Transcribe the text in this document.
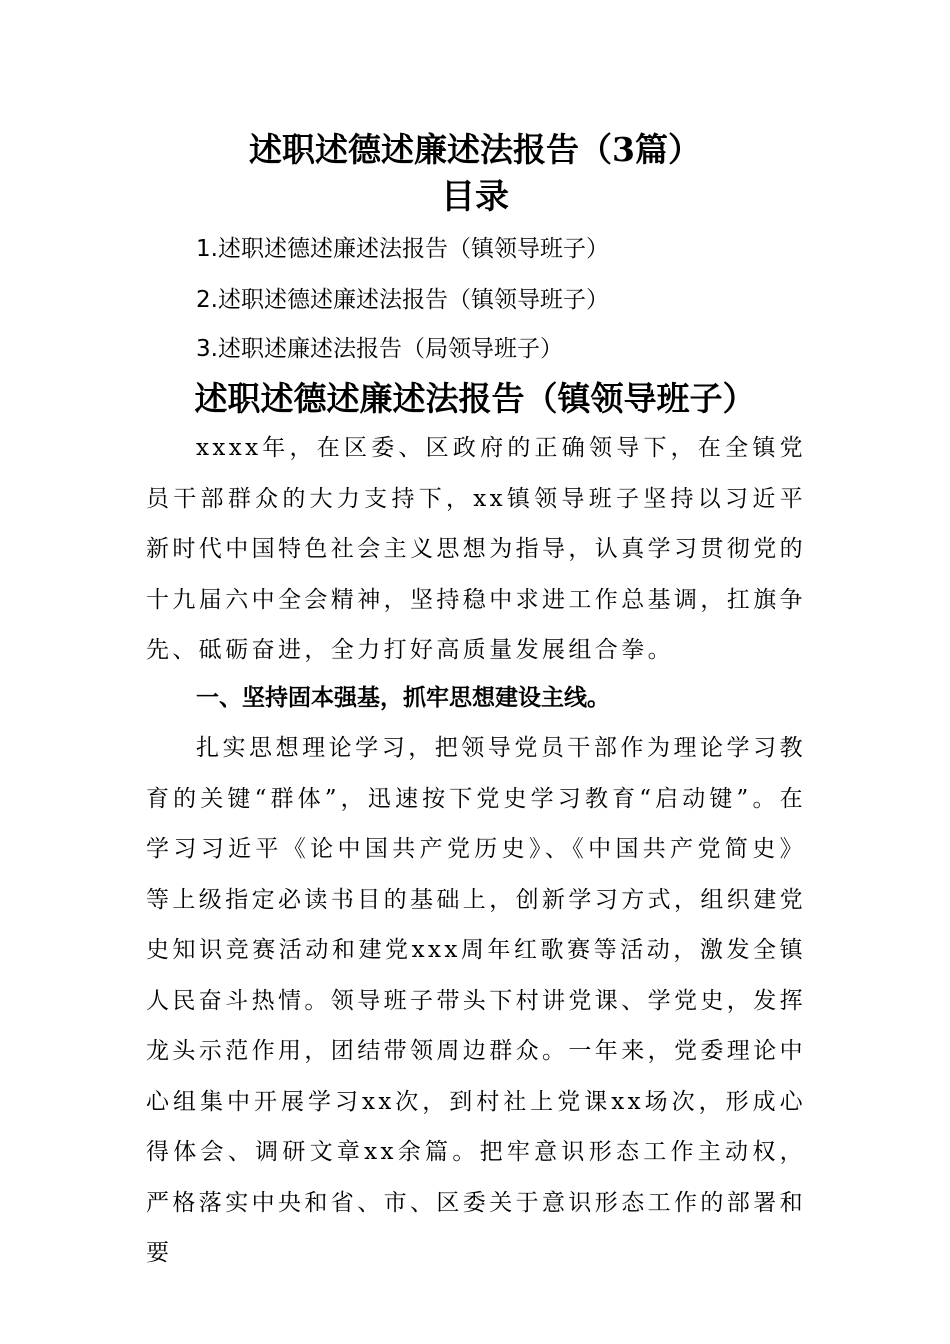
述职述德述廉述法报告（3篇）
目录
1.述职述德述廉述法报告（镇领导班子）
2.述职述德述廉述法报告（镇领导班子）
3.述职述廉述法报告（局领导班子）
述职述德述廉述法报告（镇领导班子）

xxxx年，在区委、区政府的正确领导下，在全镇党员干部群众的大力支持下，xx镇领导班子坚持以习近平新时代中国特色社会主义思想为指导，认真学习贯彻党的十九届六中全会精神，坚持稳中求进工作总基调，扛旗争先、砥砺奋进，全力打好高质量发展组合拳。

一、坚持固本强基，抓牢思想建设主线。

扎实思想理论学习，把领导党员干部作为理论学习教育的关键“群体”，迅速按下党史学习教育“启动键”。在学习习近平《论中国共产党历史》、《中国共产党简史》等上级指定必读书目的基础上，创新学习方式，组织建党史知识竞赛活动和建党xxx周年红歌赛等活动，激发全镇人民奋斗热情。领导班子带头下村讲党课、学党史，发挥龙头示范作用，团结带领周边群众。一年来，党委理论中心组集中开展学习xx次，到村社上党课xx场次，形成心得体会、调研文章xx余篇。把牢意识形态工作主动权，严格落实中央和省、市、区委关于意识形态工作的部署和要
